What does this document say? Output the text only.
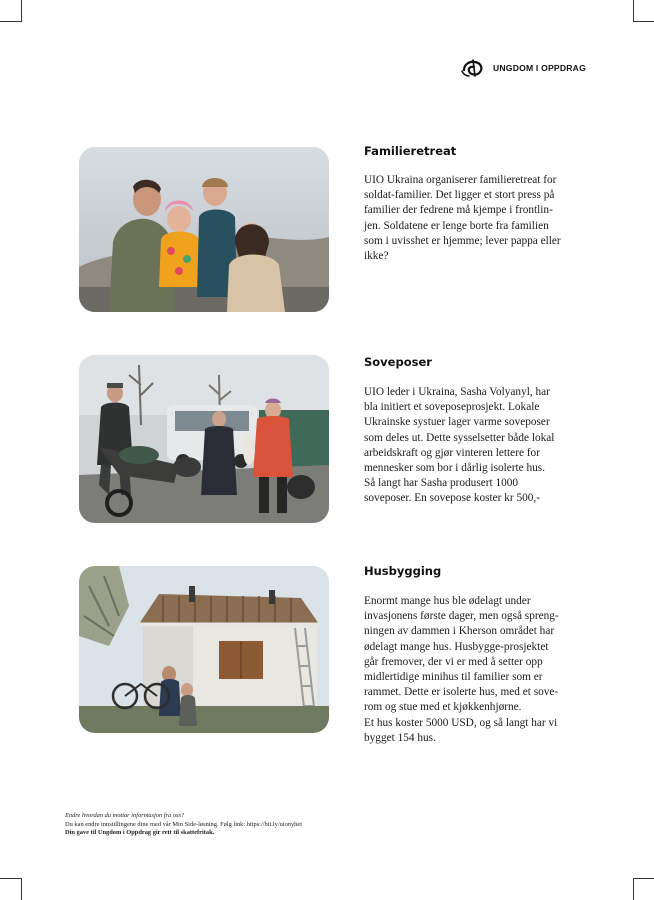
UNGDOM I OPPDRAG
Familieretreat

UIO Ukraina organiserer familieretreat for

soldat-familier. Det ligger et stort press på

familier der fedrene må kjempe i frontlin-

jen. Soldatene er lenge borte fra familien

som i uvisshet er hjemme; lever pappa eller

ikke?

Soveposer

UIO leder i Ukraina, Sasha Volyanyl, har

bla initiert et soveposeprosjekt. Lokale

Ukrainske systuer lager varme soveposer

som deles ut. Dette sysselsetter både lokal

arbeidskraft og gjør vinteren lettere for

mennesker som bor i dårlig isolerte hus.

Så langt har Sasha produsert 1000

soveposer. En sovepose koster kr 500,-

Husbygging

Enormt mange hus ble ødelagt under

invasjonens første dager, men også spreng-

ningen av dammen i Kherson området har

ødelagt mange hus. Husbygge-prosjektet

går fremover, der vi er med å setter opp

midlertidige minihus til familier som er

rammet. Dette er isolerte hus, med et sove-

rom og stue med et kjøkkenhjørne.

Et hus koster 5000 USD, og så langt har vi

bygget 154 hus.

Endre hvordan du mottar informasjon fra oss?
Du kan endre innstillingene dine med vår Min Side-løsning. Følg link: https://bit.ly/uionyhet
Din gave til Ungdom i Oppdrag gir rett til skattefritak.
